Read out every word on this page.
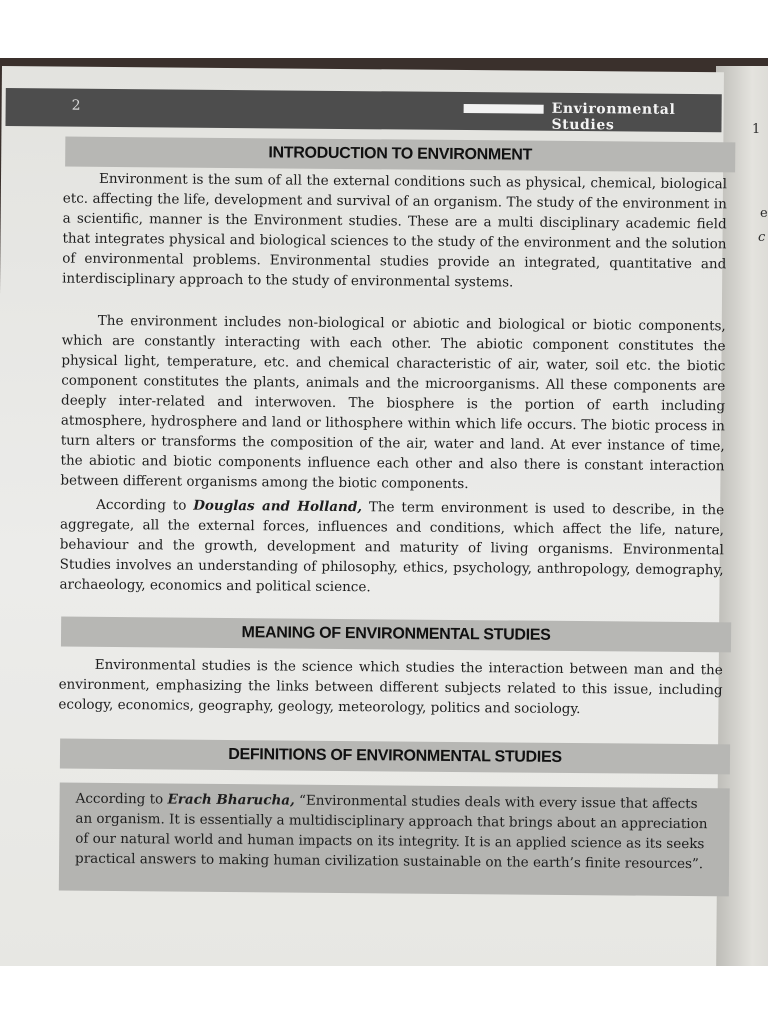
1
e
c
2	Environmental Studies
INTRODUCTION TO ENVIRONMENT

Environment is the sum of all the external conditions such as physical, chemical, biological etc. affecting the life, development and survival of an organism. The study of the environment in a scientific, manner is the Environment studies. These are a multi disciplinary academic field that integrates physical and biological sciences to the study of the environment and the solution of environmental problems. Environmental studies provide an integrated, quantitative and interdisciplinary approach to the study of environmental systems.

The environment includes non-biological or abiotic and biological or biotic components, which are constantly interacting with each other. The abiotic component constitutes the physical light, temperature, etc. and chemical characteristic of air, water, soil etc. the biotic component constitutes the plants, animals and the microorganisms. All these components are deeply inter-related and interwoven. The biosphere is the portion of earth including atmosphere, hydrosphere and land or lithosphere within which life occurs. The biotic process in turn alters or transforms the composition of the air, water and land. At ever instance of time, the abiotic and biotic components influence each other and also there is constant interaction between different organisms among the biotic components.

According to Douglas and Holland, The term environment is used to describe, in the aggregate, all the external forces, influences and conditions, which affect the life, nature, behaviour and the growth, development and maturity of living organisms. Environmental Studies involves an understanding of philosophy, ethics, psychology, anthropology, demography, archaeology, economics and political science.

MEANING OF ENVIRONMENTAL STUDIES

Environmental studies is the science which studies the interaction between man and the environment, emphasizing the links between different subjects related to this issue, including ecology, economics, geography, geology, meteorology, politics and sociology.

DEFINITIONS OF ENVIRONMENTAL STUDIES

According to Erach Bharucha, “Environmental studies deals with every issue that affects an organism. It is essentially a multidisciplinary approach that brings about an appreciation of our natural world and human impacts on its integrity. It is an applied science as its seeks practical answers to making human civilization sustainable on the earth’s finite resources”.
